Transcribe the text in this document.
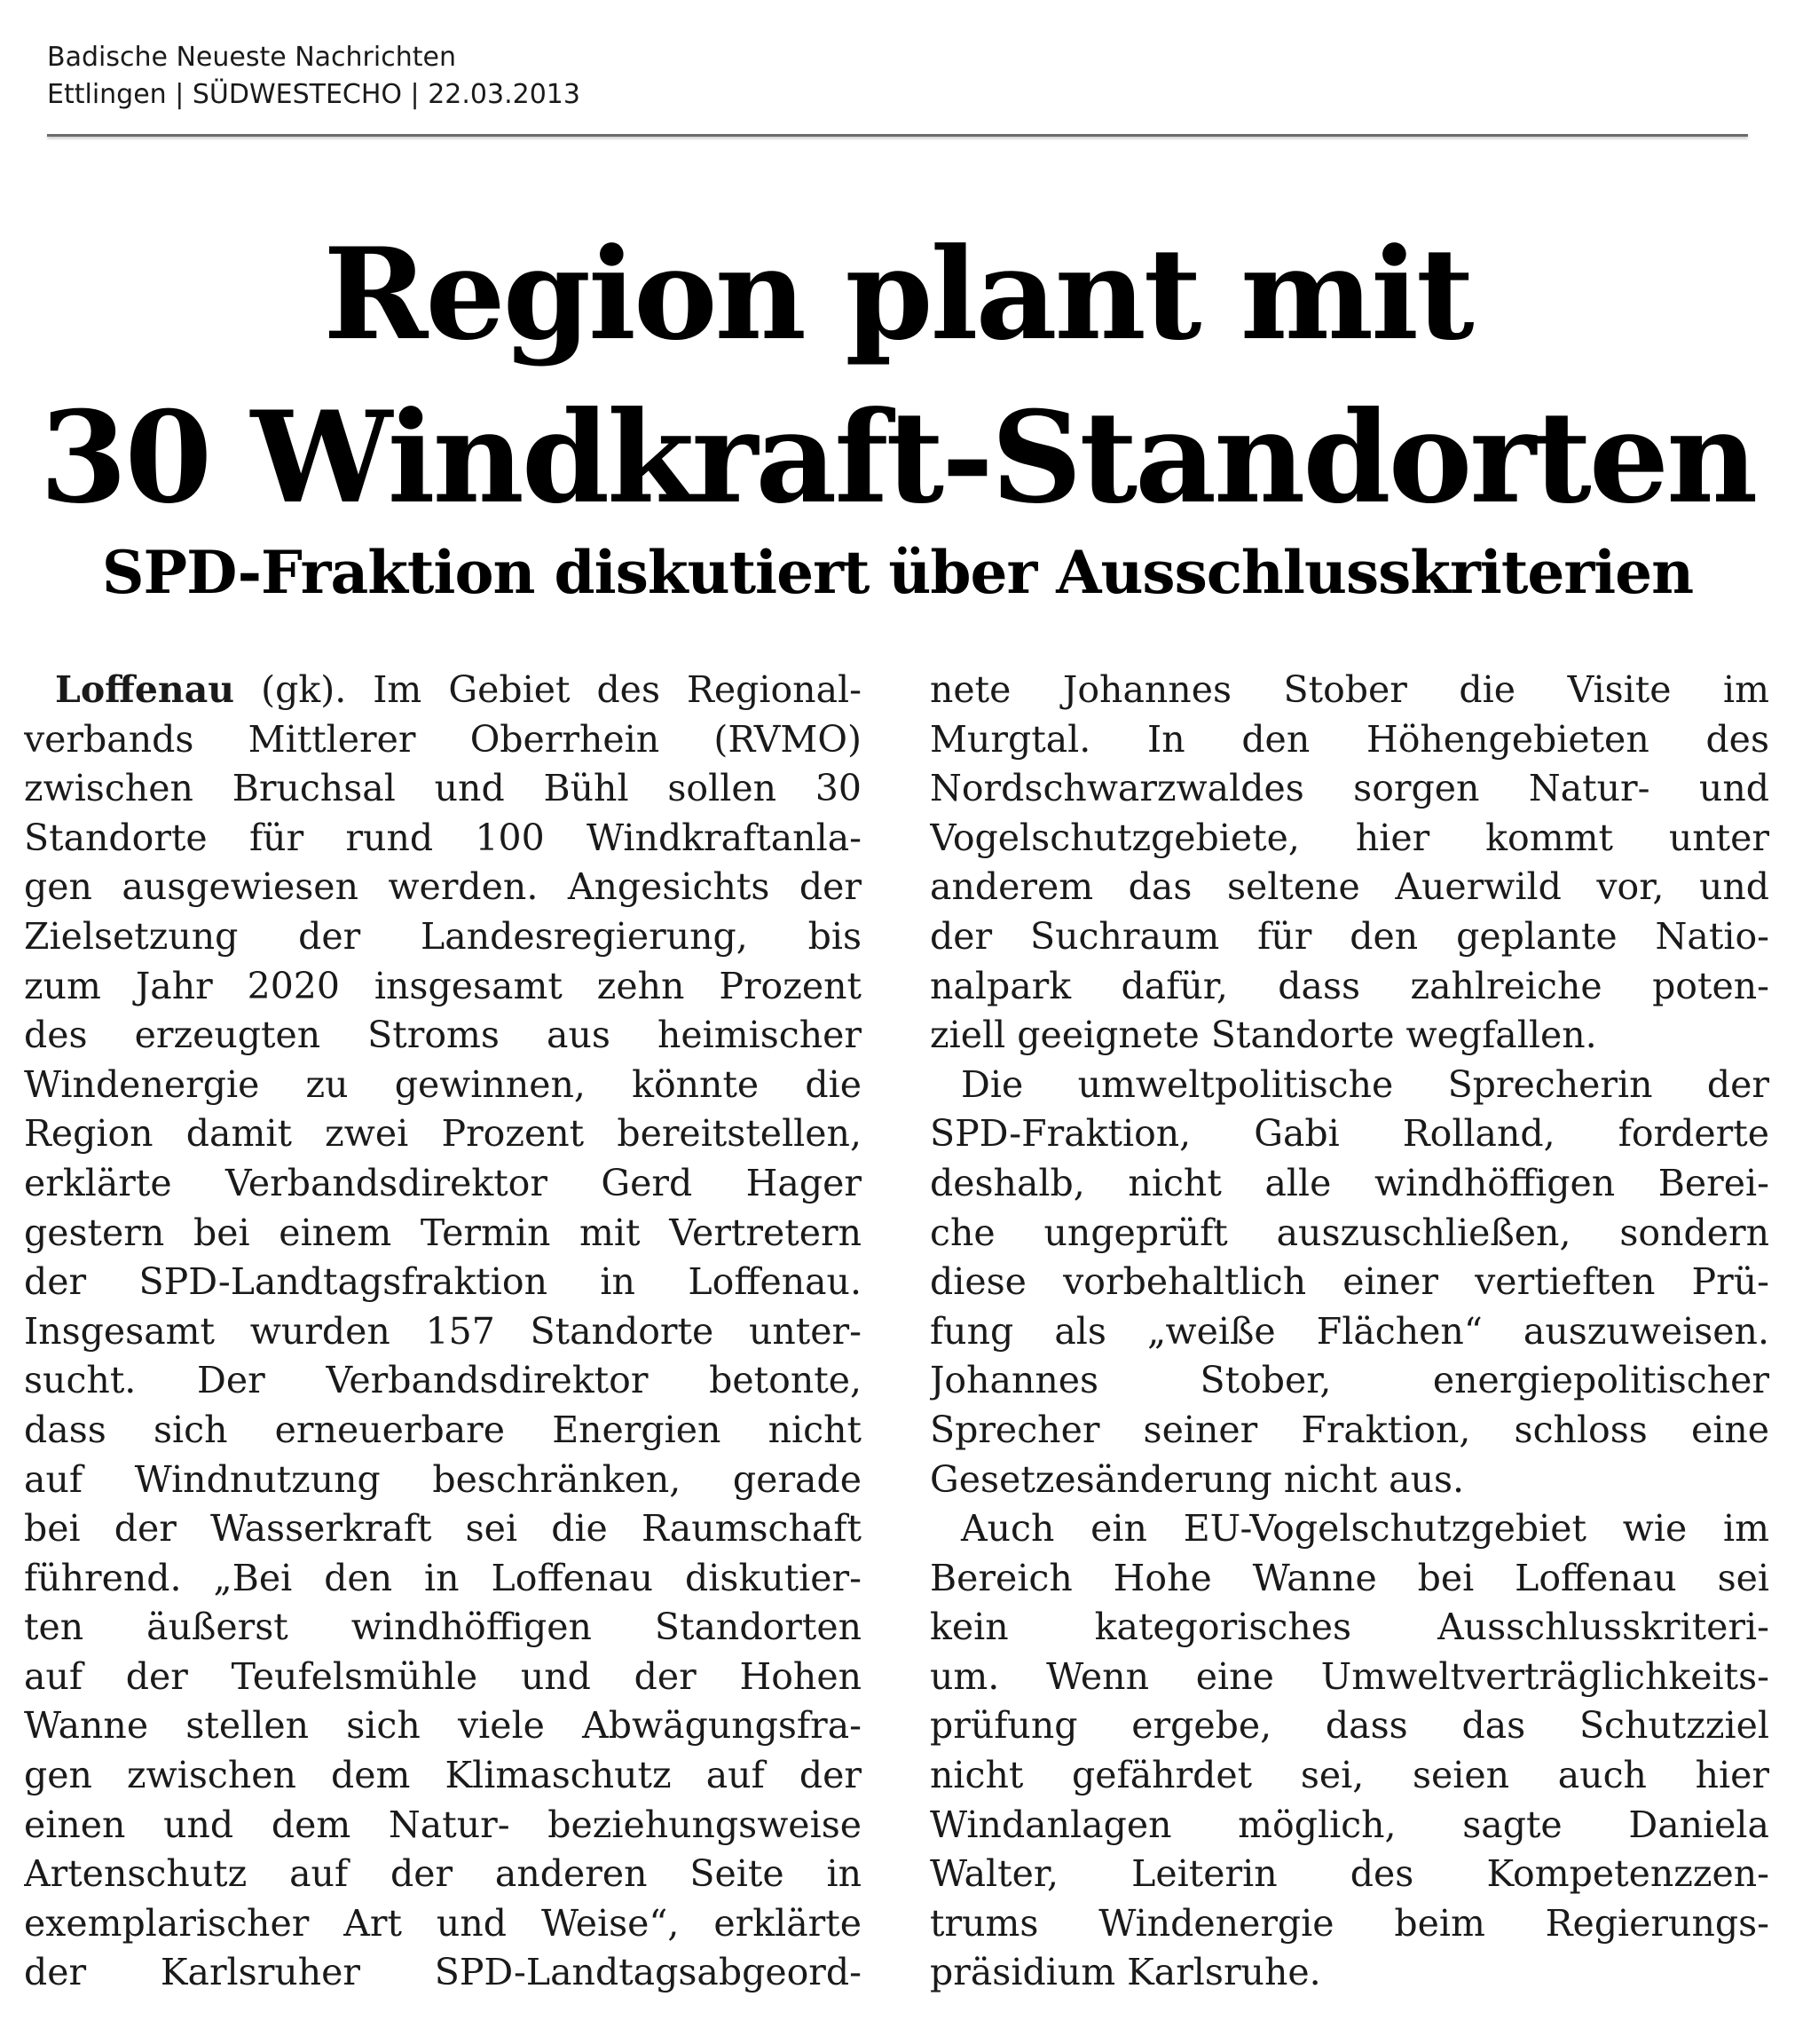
Badische Neueste Nachrichten
Ettlingen | SÜDWESTECHO | 22.03.2013
Region plant mit
30 Windkraft-Standorten
SPD-Fraktion diskutiert über Ausschlusskriterien
Loffenau (gk). Im Gebiet des Regional-
verbands Mittlerer Oberrhein (RVMO)
zwischen Bruchsal und Bühl sollen 30
Standorte für rund 100 Windkraftanla-
gen ausgewiesen werden. Angesichts der
Zielsetzung der Landesregierung, bis
zum Jahr 2020 insgesamt zehn Prozent
des erzeugten Stroms aus heimischer
Windenergie zu gewinnen, könnte die
Region damit zwei Prozent bereitstellen,
erklärte Verbandsdirektor Gerd Hager
gestern bei einem Termin mit Vertretern
der SPD-Landtagsfraktion in Loffenau.
Insgesamt wurden 157 Standorte unter-
sucht. Der Verbandsdirektor betonte,
dass sich erneuerbare Energien nicht
auf Windnutzung beschränken, gerade
bei der Wasserkraft sei die Raumschaft
führend. „Bei den in Loffenau diskutier-
ten äußerst windhöffigen Standorten
auf der Teufelsmühle und der Hohen
Wanne stellen sich viele Abwägungsfra-
gen zwischen dem Klimaschutz auf der
einen und dem Natur- beziehungsweise
Artenschutz auf der anderen Seite in
exemplarischer Art und Weise“, erklärte
der Karlsruher SPD-Landtagsabgeord-
nete Johannes Stober die Visite im
Murgtal. In den Höhengebieten des
Nordschwarzwaldes sorgen Natur- und
Vogelschutzgebiete, hier kommt unter
anderem das seltene Auerwild vor, und
der Suchraum für den geplante Natio-
nalpark dafür, dass zahlreiche poten-
ziell geeignete Standorte wegfallen.
Die umweltpolitische Sprecherin der
SPD-Fraktion, Gabi Rolland, forderte
deshalb, nicht alle windhöffigen Berei-
che ungeprüft auszuschließen, sondern
diese vorbehaltlich einer vertieften Prü-
fung als „weiße Flächen“ auszuweisen.
Johannes Stober, energiepolitischer
Sprecher seiner Fraktion, schloss eine
Gesetzesänderung nicht aus.
Auch ein EU-Vogelschutzgebiet wie im
Bereich Hohe Wanne bei Loffenau sei
kein kategorisches Ausschlusskriteri-
um. Wenn eine Umweltverträglichkeits-
prüfung ergebe, dass das Schutzziel
nicht gefährdet sei, seien auch hier
Windanlagen möglich, sagte Daniela
Walter, Leiterin des Kompetenzzen-
trums Windenergie beim Regierungs-
präsidium Karlsruhe.
